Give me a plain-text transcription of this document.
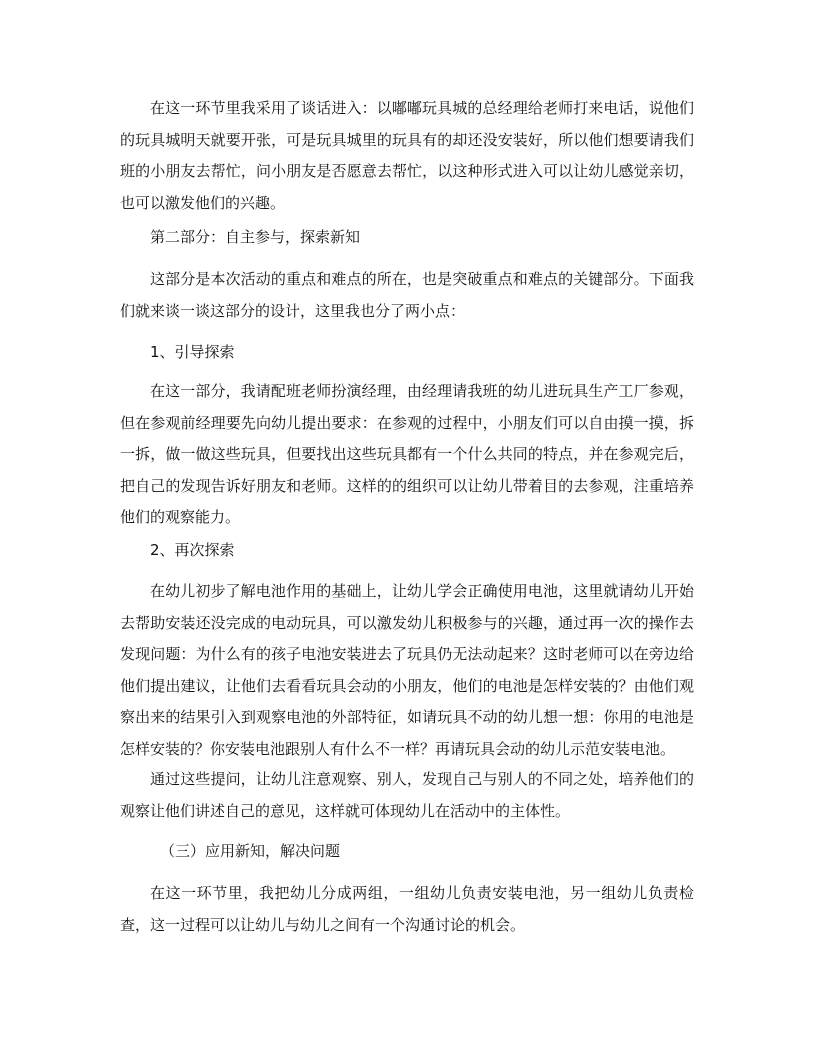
在这一环节里我采用了谈话进入：以嘟嘟玩具城的总经理给老师打来电话，说他们的玩具城明天就要开张，可是玩具城里的玩具有的却还没安装好，所以他们想要请我们班的小朋友去帮忙，问小朋友是否愿意去帮忙，以这种形式进入可以让幼儿感觉亲切，也可以激发他们的兴趣。

第二部分：自主参与，探索新知

这部分是本次活动的重点和难点的所在，也是突破重点和难点的关键部分。下面我们就来谈一谈这部分的设计，这里我也分了两小点：

1、引导探索

在这一部分，我请配班老师扮演经理，由经理请我班的幼儿进玩具生产工厂参观，但在参观前经理要先向幼儿提出要求：在参观的过程中，小朋友们可以自由摸一摸，拆一拆，做一做这些玩具，但要找出这些玩具都有一个什么共同的特点，并在参观完后，把自己的发现告诉好朋友和老师。这样的的组织可以让幼儿带着目的去参观，注重培养他们的观察能力。

2、再次探索

在幼儿初步了解电池作用的基础上，让幼儿学会正确使用电池，这里就请幼儿开始去帮助安装还没完成的电动玩具，可以激发幼儿积极参与的兴趣，通过再一次的操作去发现问题：为什么有的孩子电池安装进去了玩具仍无法动起来？这时老师可以在旁边给他们提出建议，让他们去看看玩具会动的小朋友，他们的电池是怎样安装的？由他们观察出来的结果引入到观察电池的外部特征，如请玩具不动的幼儿想一想：你用的电池是怎样安装的？你安装电池跟别人有什么不一样？再请玩具会动的幼儿示范安装电池。

通过这些提问，让幼儿注意观察、别人，发现自己与别人的不同之处，培养他们的观察让他们讲述自己的意见，这样就可体现幼儿在活动中的主体性。

（三）应用新知，解决问题

在这一环节里，我把幼儿分成两组，一组幼儿负责安装电池，另一组幼儿负责检查，这一过程可以让幼儿与幼儿之间有一个沟通讨论的机会。
